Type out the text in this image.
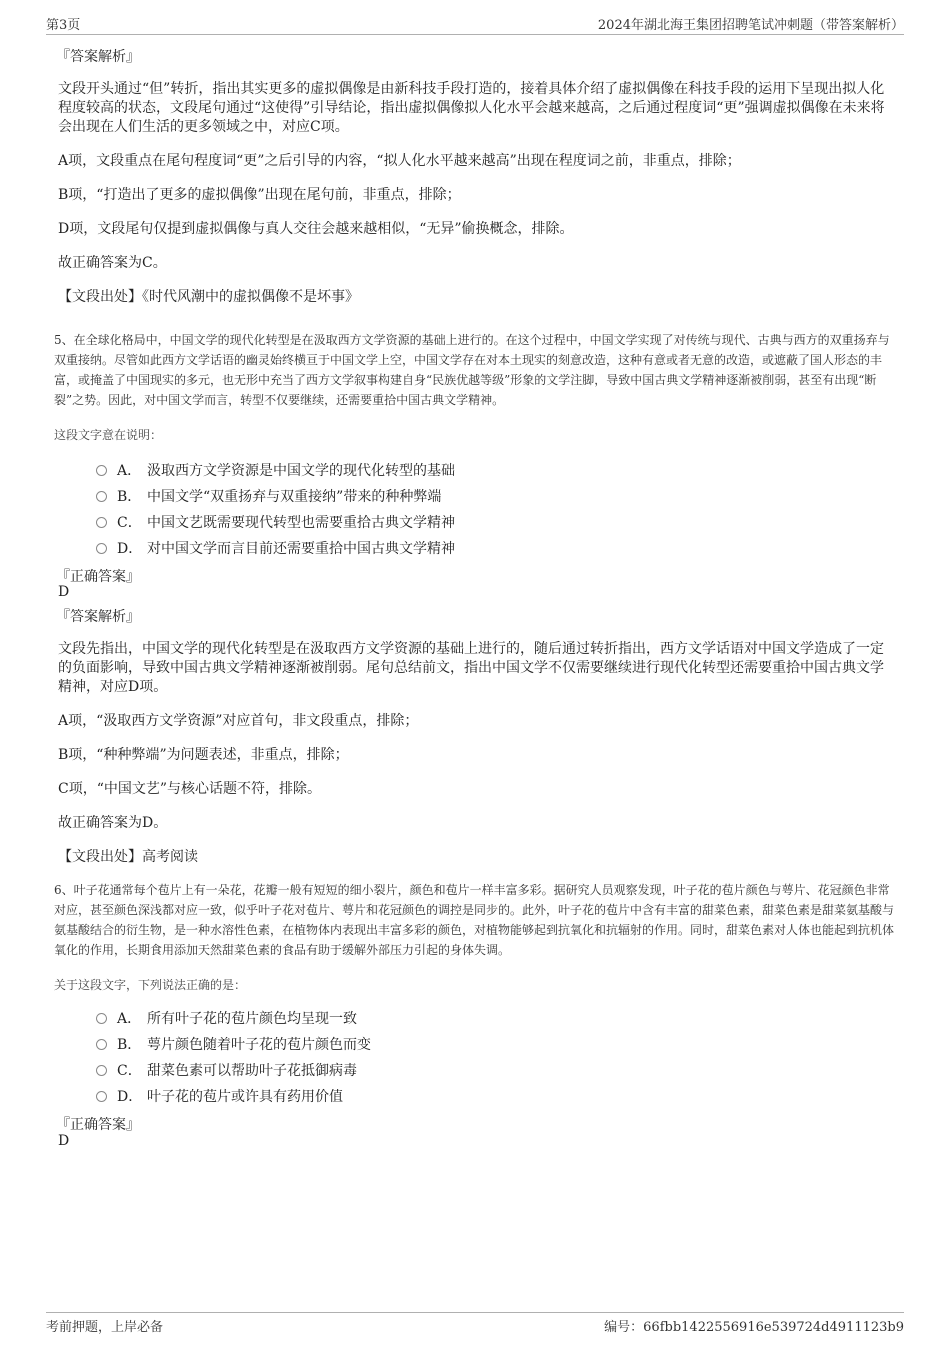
第3页	2024年湖北海王集团招聘笔试冲刺题（带答案解析）
『答案解析』
文段开头通过“但”转折，指出其实更多的虚拟偶像是由新科技手段打造的，接着具体介绍了虚拟偶像在科技手段的运用下呈现出拟人化程度较高的状态，文段尾句通过“这使得”引导结论，指出虚拟偶像拟人化水平会越来越高，之后通过程度词“更”强调虚拟偶像在未来将会出现在人们生活的更多领域之中，对应C项。
A项，文段重点在尾句程度词“更”之后引导的内容，“拟人化水平越来越高”出现在程度词之前，非重点，排除；
B项，“打造出了更多的虚拟偶像”出现在尾句前，非重点，排除；
D项，文段尾句仅提到虚拟偶像与真人交往会越来越相似，“无异”偷换概念，排除。
故正确答案为C。
【文段出处】《时代风潮中的虚拟偶像不是坏事》
5、在全球化格局中，中国文学的现代化转型是在汲取西方文学资源的基础上进行的。在这个过程中，中国文学实现了对传统与现代、古典与西方的双重扬弃与双重接纳。尽管如此西方文学话语的幽灵始终横亘于中国文学上空，中国文学存在对本土现实的刻意改造，这种有意或者无意的改造，或遮蔽了国人形态的丰富，或掩盖了中国现实的多元，也无形中充当了西方文学叙事构建自身“民族优越等级”形象的文学注脚，导致中国古典文学精神逐渐被削弱，甚至有出现“断裂”之势。因此，对中国文学而言，转型不仅要继续，还需要重拾中国古典文学精神。
这段文字意在说明：
A． 汲取西方文学资源是中国文学的现代化转型的基础
B． 中国文学“双重扬弃与双重接纳”带来的种种弊端
C． 中国文艺既需要现代转型也需要重拾古典文学精神
D． 对中国文学而言目前还需要重拾中国古典文学精神
『正确答案』
D
『答案解析』
文段先指出，中国文学的现代化转型是在汲取西方文学资源的基础上进行的，随后通过转折指出，西方文学话语对中国文学造成了一定的负面影响，导致中国古典文学精神逐渐被削弱。尾句总结前文，指出中国文学不仅需要继续进行现代化转型还需要重拾中国古典文学精神，对应D项。
A项，“汲取西方文学资源”对应首句，非文段重点，排除；
B项，“种种弊端”为问题表述，非重点，排除；
C项，“中国文艺”与核心话题不符，排除。
故正确答案为D。
【文段出处】高考阅读
6、叶子花通常每个苞片上有一朵花，花瓣一般有短短的细小裂片，颜色和苞片一样丰富多彩。据研究人员观察发现，叶子花的苞片颜色与萼片、花冠颜色非常对应，甚至颜色深浅都对应一致，似乎叶子花对苞片、萼片和花冠颜色的调控是同步的。此外，叶子花的苞片中含有丰富的甜菜色素，甜菜色素是甜菜氨基酸与氨基酸结合的衍生物，是一种水溶性色素，在植物体内表现出丰富多彩的颜色，对植物能够起到抗氧化和抗辐射的作用。同时，甜菜色素对人体也能起到抗机体氧化的作用，长期食用添加天然甜菜色素的食品有助于缓解外部压力引起的身体失调。
关于这段文字，下列说法正确的是：
A． 所有叶子花的苞片颜色均呈现一致
B． 萼片颜色随着叶子花的苞片颜色而变
C． 甜菜色素可以帮助叶子花抵御病毒
D． 叶子花的苞片或许具有药用价值
『正确答案』
D
考前押题，上岸必备	编号：66fbb1422556916e539724d4911123b9
